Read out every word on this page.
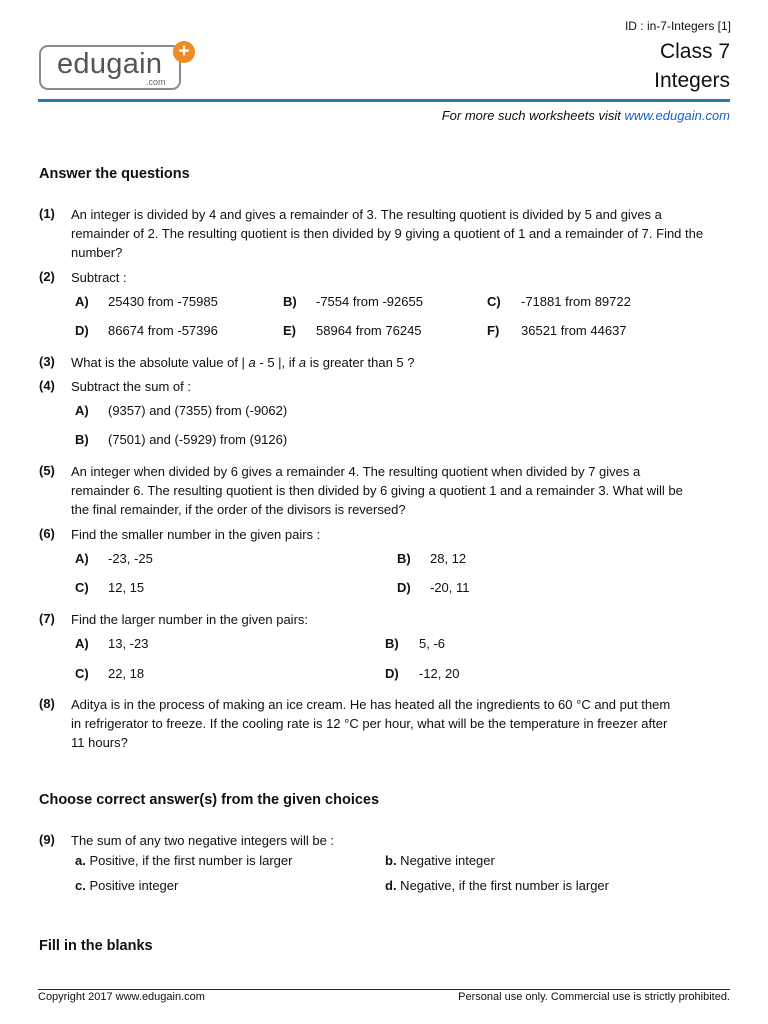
edugain
.com
+
ID : in-7-Integers [1]
Class 7
Integers
For more such worksheets visit www.edugain.com
Answer the questions
(1) An integer is divided by 4 and gives a remainder of 3. The resulting quotient is divided by 5 and gives a remainder of 2. The resulting quotient is then divided by 9 giving a quotient of 1 and a remainder of 7. Find the number?
(2) Subtract :
A) 25430 from -75985	B) -7554 from -92655	C) -71881 from 89722
D) 86674 from -57396	E) 58964 from 76245	F) 36521 from 44637
(3) What is the absolute value of | a - 5 |, if a is greater than 5 ?
(4) Subtract the sum of :
A) (9357) and (7355) from (-9062)
B) (7501) and (-5929) from (9126)
(5) An integer when divided by 6 gives a remainder 4. The resulting quotient when divided by 7 gives a remainder 6. The resulting quotient is then divided by 6 giving a quotient 1 and a remainder 3. What will be the final remainder, if the order of the divisors is reversed?
(6) Find the smaller number in the given pairs :
A) -23, -25	B) 28, 12
C) 12, 15	D) -20, 11
(7) Find the larger number in the given pairs:
A) 13, -23	B) 5, -6
C) 22, 18	D) -12, 20
(8) Aditya is in the process of making an ice cream. He has heated all the ingredients to 60 °C and put them in refrigerator to freeze. If the cooling rate is 12 °C per hour, what will be the temperature in freezer after 11 hours?
Choose correct answer(s) from the given choices
(9) The sum of any two negative integers will be :
a. Positive, if the first number is larger	b. Negative integer
c. Positive integer	d. Negative, if the first number is larger
Fill in the blanks
Copyright 2017 www.edugain.com	Personal use only. Commercial use is strictly prohibited.
